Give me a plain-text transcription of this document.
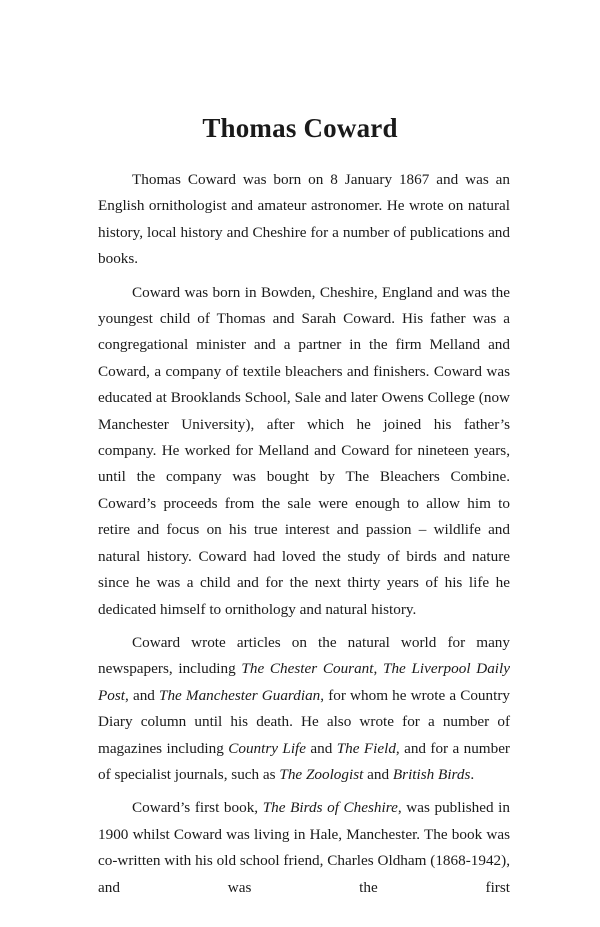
Thomas Coward

Thomas Coward was born on 8 January 1867 and was an English ornithologist and amateur astronomer. He wrote on natural history, local history and Cheshire for a number of publications and books.

Coward was born in Bowden, Cheshire, England and was the youngest child of Thomas and Sarah Coward. His father was a congregational minister and a partner in the firm Melland and Coward, a company of textile bleachers and finishers. Coward was educated at Brooklands School, Sale and later Owens College (now Manchester University), after which he joined his father’s company. He worked for Melland and Coward for nineteen years, until the company was bought by The Bleachers Combine. Coward’s proceeds from the sale were enough to allow him to retire and focus on his true interest and passion – wildlife and natural history. Coward had loved the study of birds and nature since he was a child and for the next thirty years of his life he dedicated himself to ornithology and natural history.

Coward wrote articles on the natural world for many newspapers, including The Chester Courant, The Liverpool Daily Post, and The Manchester Guardian, for whom he wrote a Country Diary column until his death. He also wrote for a number of magazines including Country Life and The Field, and for a number of specialist journals, such as The Zoologist and British Birds.

Coward’s first book, The Birds of Cheshire, was published in 1900 whilst Coward was living in Hale, Manchester. The book was co-written with his old school friend, Charles Oldham (1868-1942), and was the first
